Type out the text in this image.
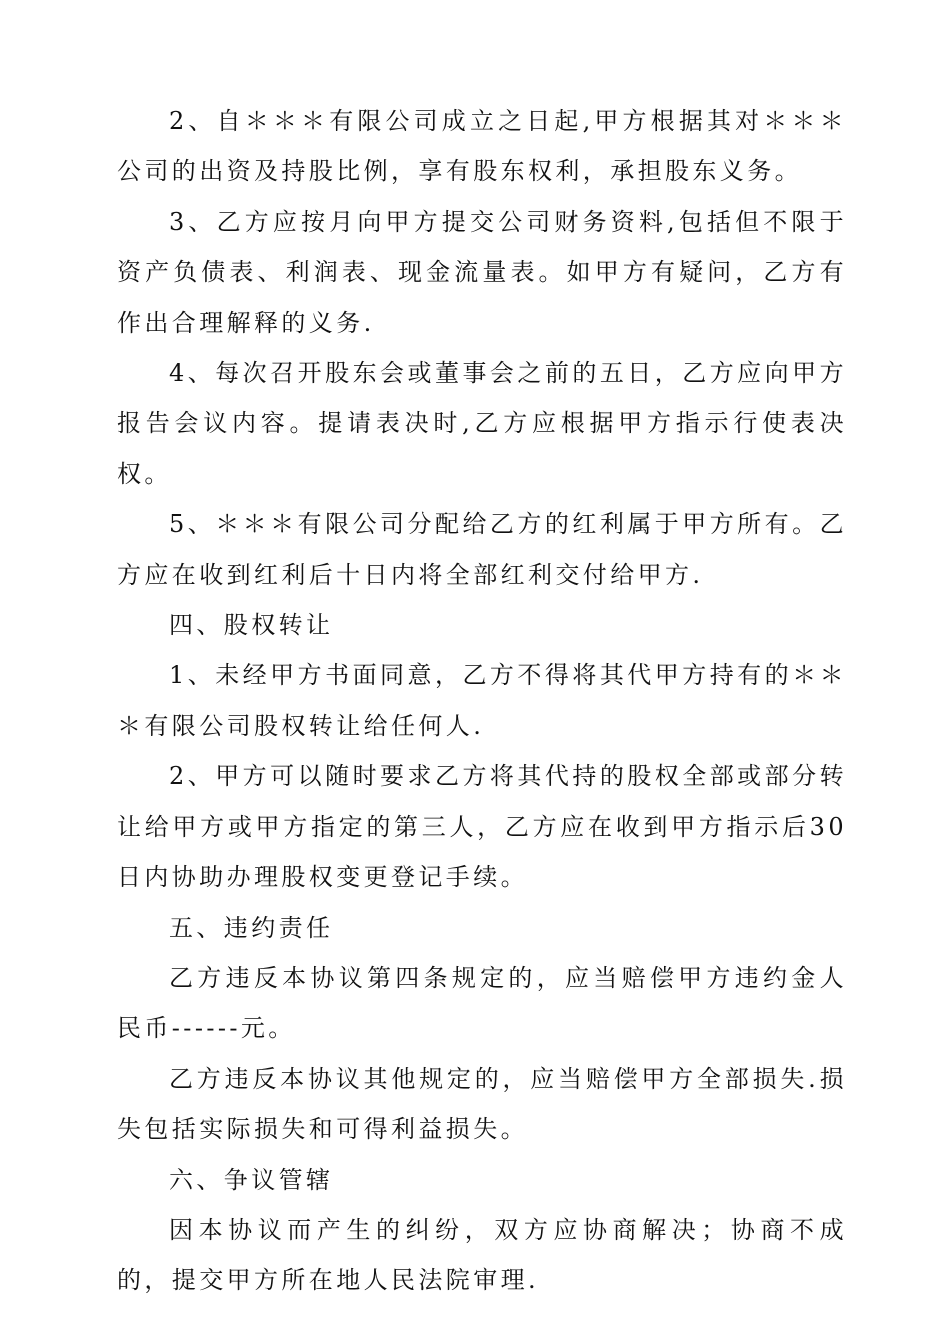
2、自＊＊＊有限公司成立之日起,甲方根据其对＊＊＊公司的出资及持股比例，享有股东权利，承担股东义务。

3、乙方应按月向甲方提交公司财务资料,包括但不限于资产负债表、利润表、现金流量表。如甲方有疑问，乙方有作出合理解释的义务.

4、每次召开股东会或董事会之前的五日，乙方应向甲方报告会议内容。提请表决时,乙方应根据甲方指示行使表决权。

5、＊＊＊有限公司分配给乙方的红利属于甲方所有。乙方应在收到红利后十日内将全部红利交付给甲方.

四、股权转让

1、未经甲方书面同意，乙方不得将其代甲方持有的＊＊＊有限公司股权转让给任何人.

2、甲方可以随时要求乙方将其代持的股权全部或部分转让给甲方或甲方指定的第三人，乙方应在收到甲方指示后30日内协助办理股权变更登记手续。

五、违约责任

乙方违反本协议第四条规定的，应当赔偿甲方违约金人民币------元。

乙方违反本协议其他规定的，应当赔偿甲方全部损失.损失包括实际损失和可得利益损失。

六、争议管辖

因本协议而产生的纠纷，双方应协商解决；协商不成的，提交甲方所在地人民法院审理.
